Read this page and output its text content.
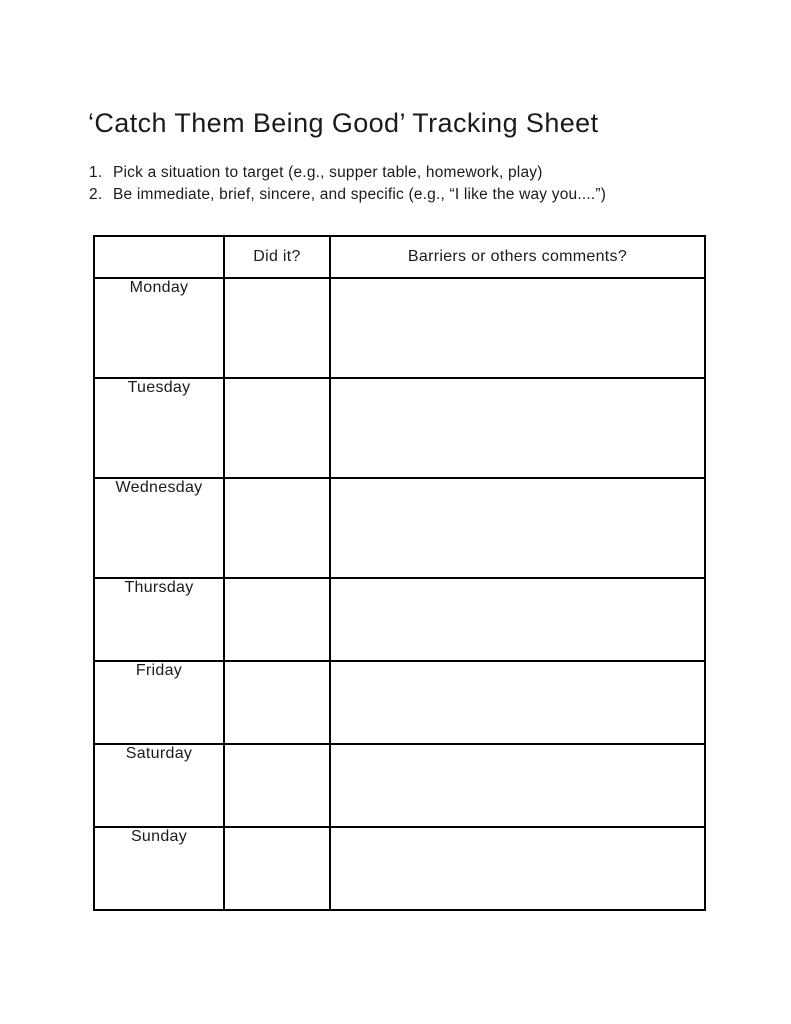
‘Catch Them Being Good’ Tracking Sheet
1. Pick a situation to target (e.g., supper table, homework, play)
2. Be immediate, brief, sincere, and specific (e.g., “I like the way you....”)
	Did it?	Barriers or others comments?
Monday		
Tuesday		
Wednesday		
Thursday		
Friday		
Saturday		
Sunday		
